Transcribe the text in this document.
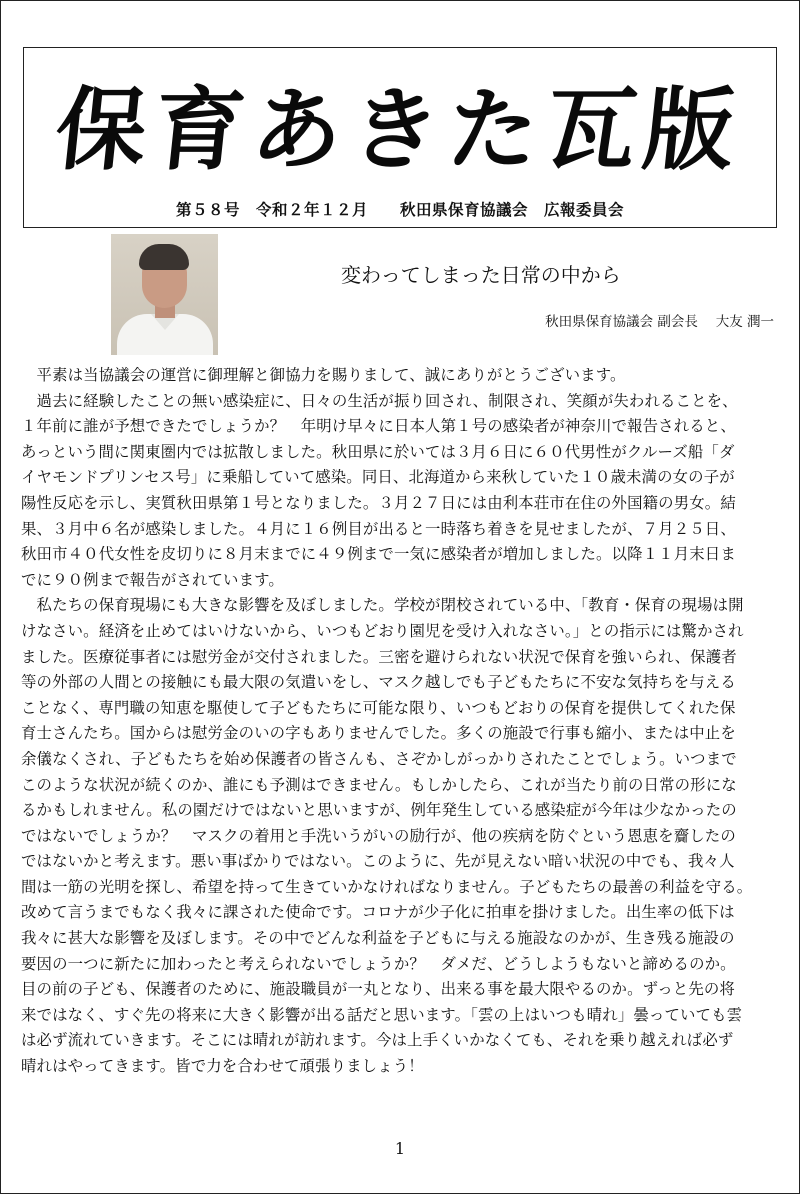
保育あきた瓦版
第５８号　令和２年１２月　　秋田県保育協議会　広報委員会
変わってしまった日常の中から
秋田県保育協議会 副会長　 大友 潤一
　平素は当協議会の運営に御理解と御協力を賜りまして、誠にありがとうございます。
　過去に経験したことの無い感染症に、日々の生活が振り回され、制限され、笑顔が失われることを、
１年前に誰が予想できたでしょうか？　年明け早々に日本人第１号の感染者が神奈川で報告されると、
あっという間に関東圏内では拡散しました。秋田県に於いては３月６日に６０代男性がクルーズ船「ダ
イヤモンドプリンセス号」に乗船していて感染。同日、北海道から来秋していた１０歳未満の女の子が
陽性反応を示し、実質秋田県第１号となりました。３月２７日には由利本荘市在住の外国籍の男女。結
果、３月中６名が感染しました。４月に１６例目が出ると一時落ち着きを見せましたが、７月２５日、
秋田市４０代女性を皮切りに８月末までに４９例まで一気に感染者が増加しました。以降１１月末日ま
でに９０例まで報告がされています。
　私たちの保育現場にも大きな影響を及ぼしました。学校が閉校されている中、「教育・保育の現場は開
けなさい。経済を止めてはいけないから、いつもどおり園児を受け入れなさい。」との指示には驚かされ
ました。医療従事者には慰労金が交付されました。三密を避けられない状況で保育を強いられ、保護者
等の外部の人間との接触にも最大限の気遣いをし、マスク越しでも子どもたちに不安な気持ちを与える
ことなく、専門職の知恵を駆使して子どもたちに可能な限り、いつもどおりの保育を提供してくれた保
育士さんたち。国からは慰労金のいの字もありませんでした。多くの施設で行事も縮小、または中止を
余儀なくされ、子どもたちを始め保護者の皆さんも、さぞかしがっかりされたことでしょう。いつまで
このような状況が続くのか、誰にも予測はできません。もしかしたら、これが当たり前の日常の形にな
るかもしれません。私の園だけではないと思いますが、例年発生している感染症が今年は少なかったの
ではないでしょうか？　マスクの着用と手洗いうがいの励行が、他の疾病を防ぐという恩恵を齎したの
ではないかと考えます。悪い事ばかりではない。このように、先が見えない暗い状況の中でも、我々人
間は一筋の光明を探し、希望を持って生きていかなければなりません。子どもたちの最善の利益を守る。
改めて言うまでもなく我々に課された使命です。コロナが少子化に拍車を掛けました。出生率の低下は
我々に甚大な影響を及ぼします。その中でどんな利益を子どもに与える施設なのかが、生き残る施設の
要因の一つに新たに加わったと考えられないでしょうか？　ダメだ、どうしようもないと諦めるのか。
目の前の子ども、保護者のために、施設職員が一丸となり、出来る事を最大限やるのか。ずっと先の将
来ではなく、すぐ先の将来に大きく影響が出る話だと思います。「雲の上はいつも晴れ」曇っていても雲
は必ず流れていきます。そこには晴れが訪れます。今は上手くいかなくても、それを乗り越えれば必ず
晴れはやってきます。皆で力を合わせて頑張りましょう！
1
